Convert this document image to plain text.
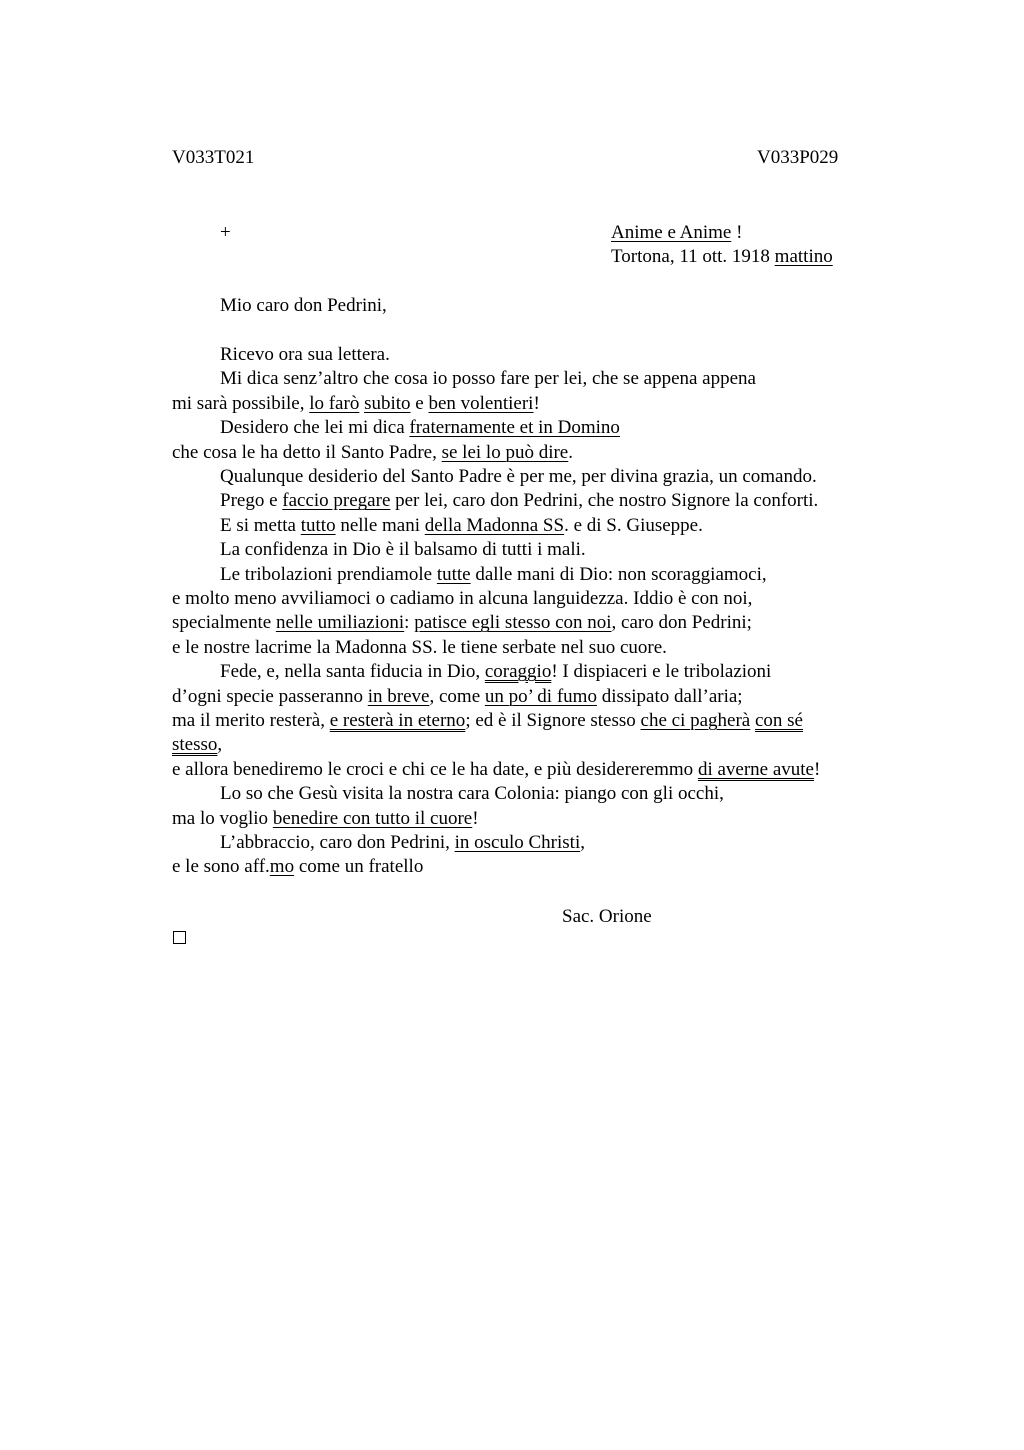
V033T021	V033P029
+	Anime e Anime !
Tortona, 11 ott. 1918 mattino
Mio caro don Pedrini,
Ricevo ora sua lettera.
Mi dica senz’altro che cosa io posso fare per lei, che se appena appena
mi sarà possibile, lo farò subito e ben volentieri!
Desidero che lei mi dica fraternamente et in Domino
che cosa le ha detto il Santo Padre, se lei lo può dire.
Qualunque desiderio del Santo Padre è per me, per divina grazia, un comando.
Prego e faccio pregare per lei, caro don Pedrini, che nostro Signore la conforti.
E si metta tutto nelle mani della Madonna SS. e di S. Giuseppe.
La confidenza in Dio è il balsamo di tutti i mali.
Le tribolazioni prendiamole tutte dalle mani di Dio: non scoraggiamoci,
e molto meno avviliamoci o cadiamo in alcuna languidezza. Iddio è con noi,
specialmente nelle umiliazioni: patisce egli stesso con noi, caro don Pedrini;
e le nostre lacrime la Madonna SS. le tiene serbate nel suo cuore.
Fede, e, nella santa fiducia in Dio, coraggio! I dispiaceri e le tribolazioni
d’ogni specie passeranno in breve, come un po’ di fumo dissipato dall’aria;
ma il merito resterà, e resterà in eterno; ed è il Signore stesso che ci pagherà con sé
stesso,
e allora benediremo le croci e chi ce le ha date, e più desidereremmo di averne avute!
Lo so che Gesù visita la nostra cara Colonia: piango con gli occhi,
ma lo voglio benedire con tutto il cuore!
L’abbraccio, caro don Pedrini, in osculo Christi,
e le sono aff.mo come un fratello
Sac. Orione
